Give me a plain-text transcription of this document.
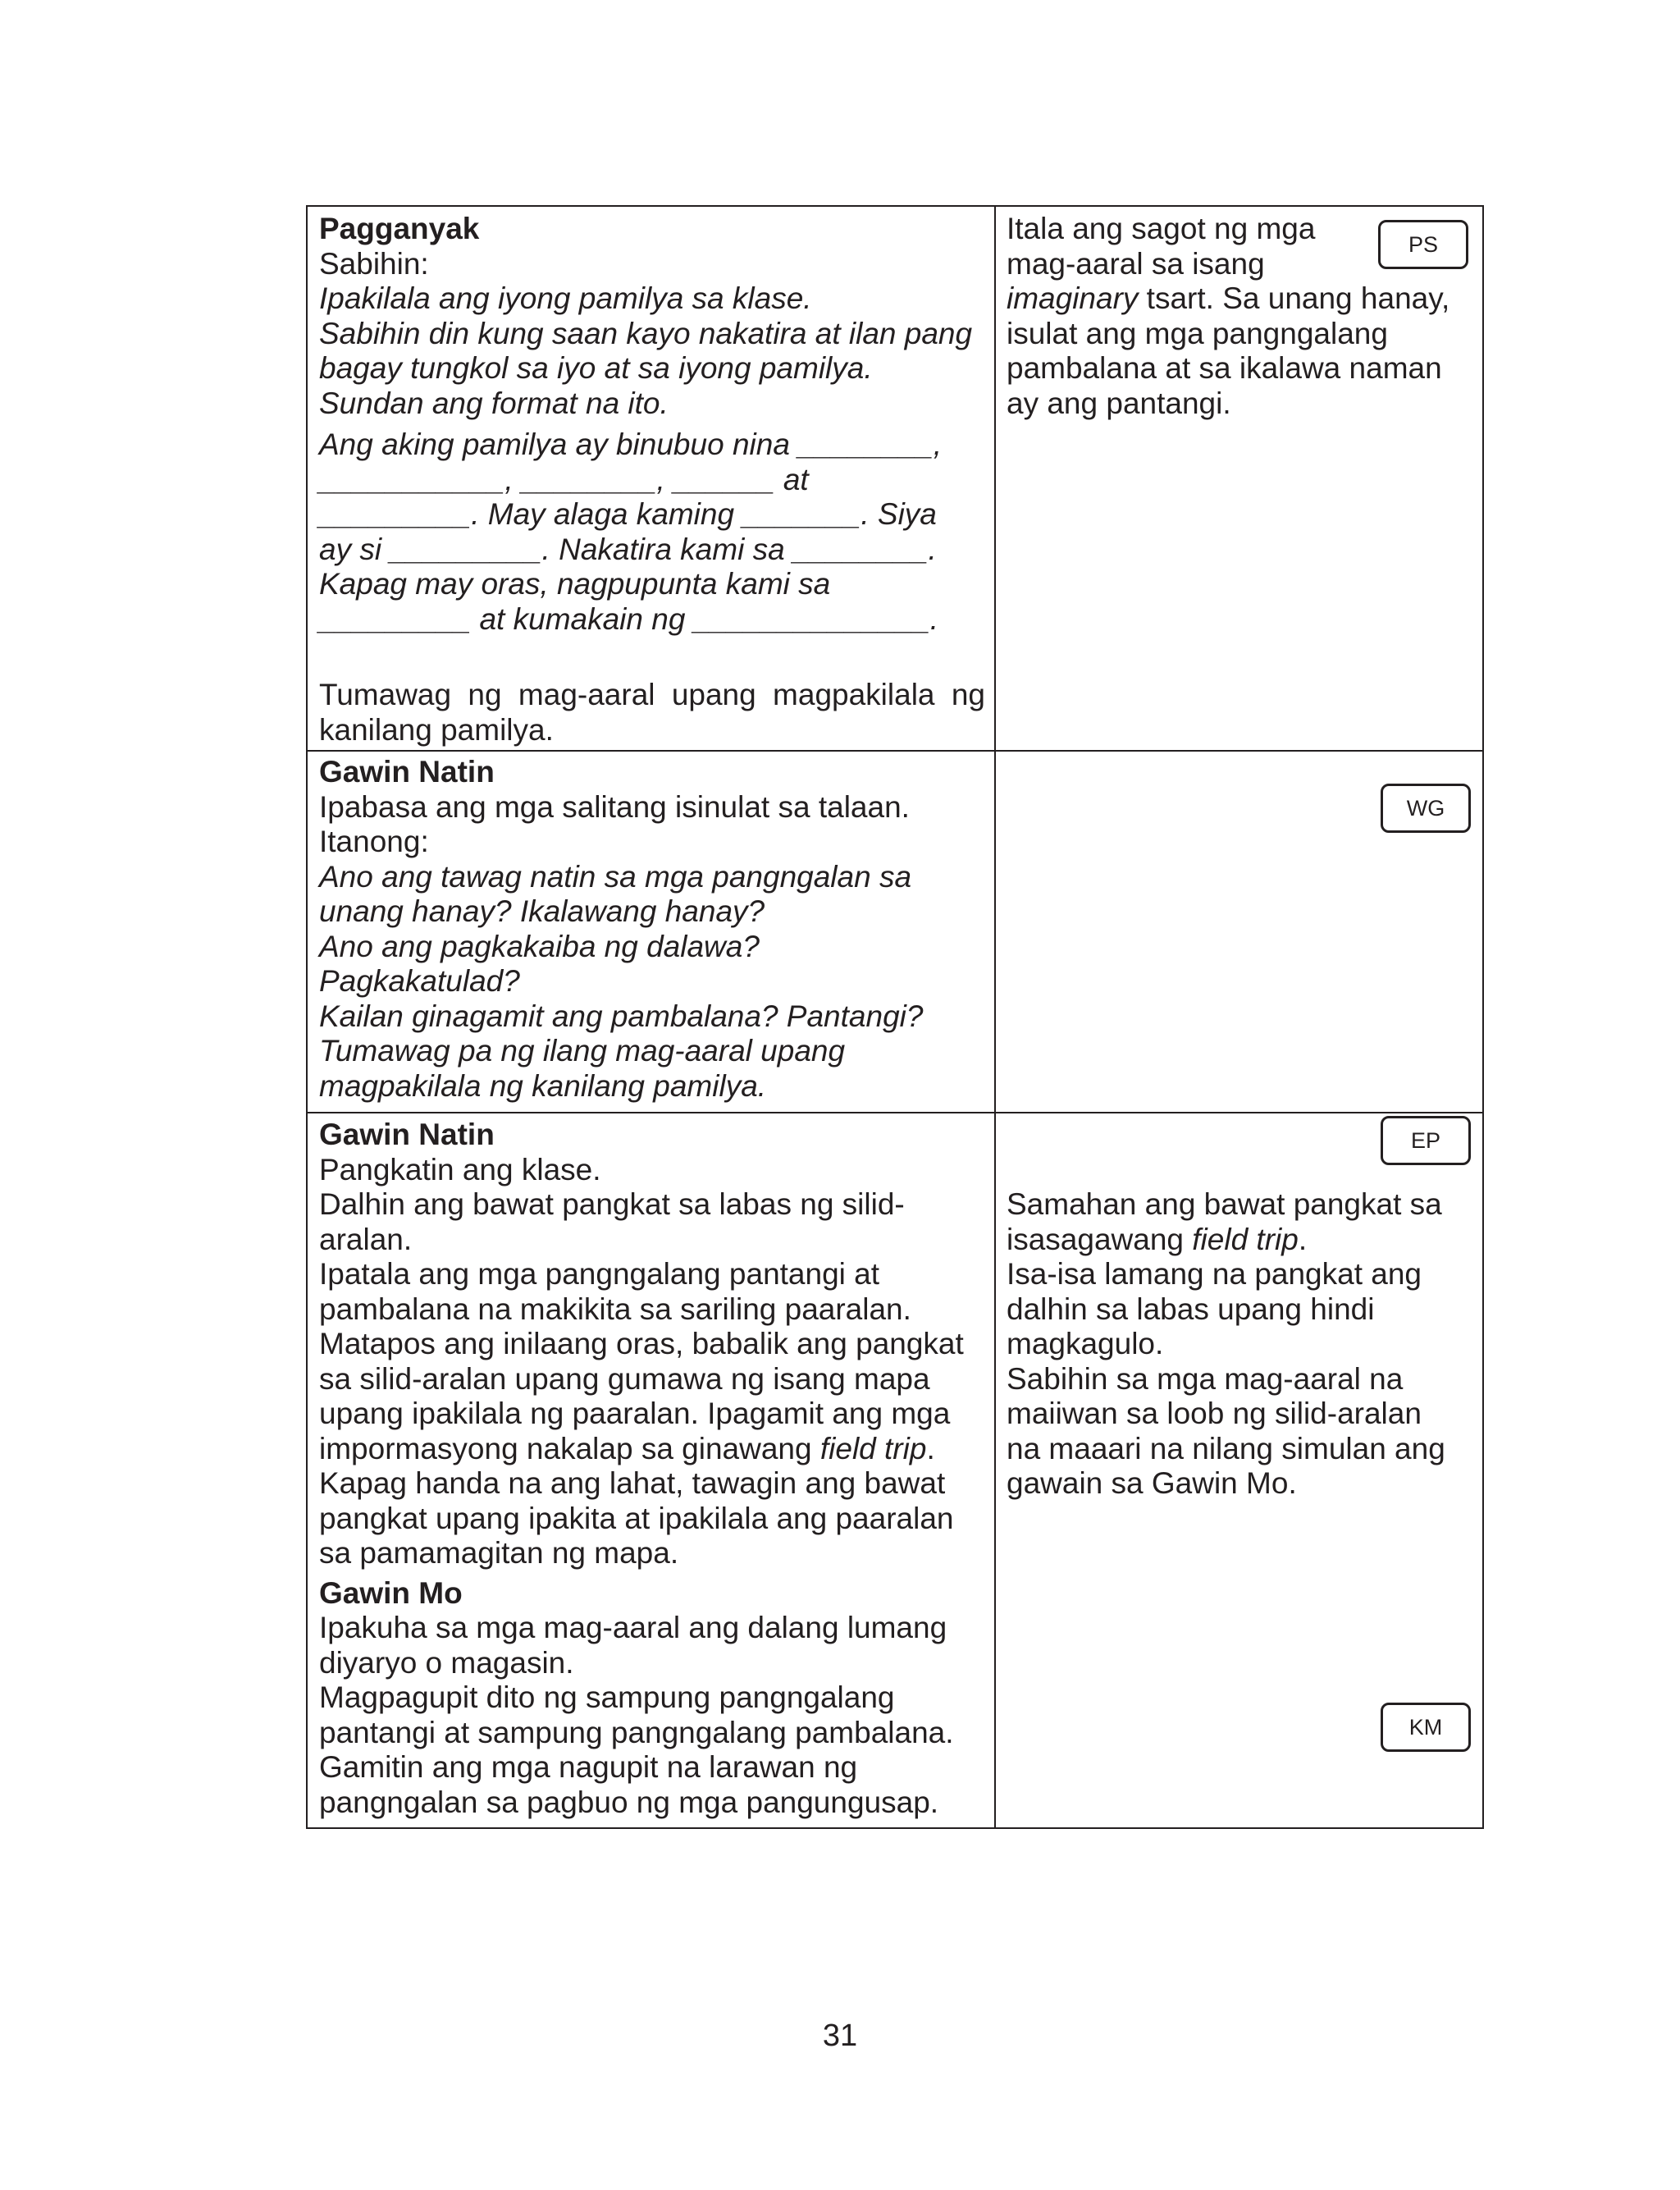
Pagganyak
Sabihin:
Ipakilala ang iyong pamilya sa klase.
Sabihin din kung saan kayo nakatira at ilan pang
bagay tungkol sa iyo at sa iyong pamilya.
Sundan ang format na ito.
Ang aking pamilya ay binubuo nina ________,
___________, ________, ______ at
_________. May alaga kaming _______. Siya
ay si _________. Nakatira kami sa ________.
Kapag may oras, nagpupunta kami sa
_________ at kumakain ng ______________.
Tumawag ng mag-aaral upang magpakilala ng
kanilang pamilya.
Itala ang sagot ng mga
mag-aaral sa isang
imaginary tsart. Sa unang hanay,
isulat ang mga pangngalang
pambalana at sa ikalawa naman
ay ang pantangi.
PS
Gawin Natin
Ipabasa ang mga salitang isinulat sa talaan.
Itanong:
Ano ang tawag natin sa mga pangngalan sa
unang hanay? Ikalawang hanay?
Ano ang pagkakaiba ng dalawa?
Pagkakatulad?
Kailan ginagamit ang pambalana? Pantangi?
Tumawag pa ng ilang mag-aaral upang
magpakilala ng kanilang pamilya.
WG
Gawin Natin
Pangkatin ang klase.
Dalhin ang bawat pangkat sa labas ng silid-
aralan.
Ipatala ang mga pangngalang pantangi at
pambalana na makikita sa sariling paaralan.
Matapos ang inilaang oras, babalik ang pangkat
sa silid-aralan upang gumawa ng isang mapa
upang ipakilala ng paaralan. Ipagamit ang mga
impormasyong nakalap sa ginawang field trip.
Kapag handa na ang lahat, tawagin ang bawat
pangkat upang ipakita at ipakilala ang paaralan
sa pamamagitan ng mapa.
Gawin Mo
Ipakuha sa mga mag-aaral ang dalang lumang
diyaryo o magasin.
Magpagupit dito ng sampung pangngalang
pantangi at sampung pangngalang pambalana.
Gamitin ang mga nagupit na larawan ng
pangngalan sa pagbuo ng mga pangungusap.
EP
Samahan ang bawat pangkat sa
isasagawang field trip.
Isa-isa lamang na pangkat ang
dalhin sa labas upang hindi
magkagulo.
Sabihin sa mga mag-aaral na
maiiwan sa loob ng silid-aralan
na maaari na nilang simulan ang
gawain sa Gawin Mo.
KM
31
